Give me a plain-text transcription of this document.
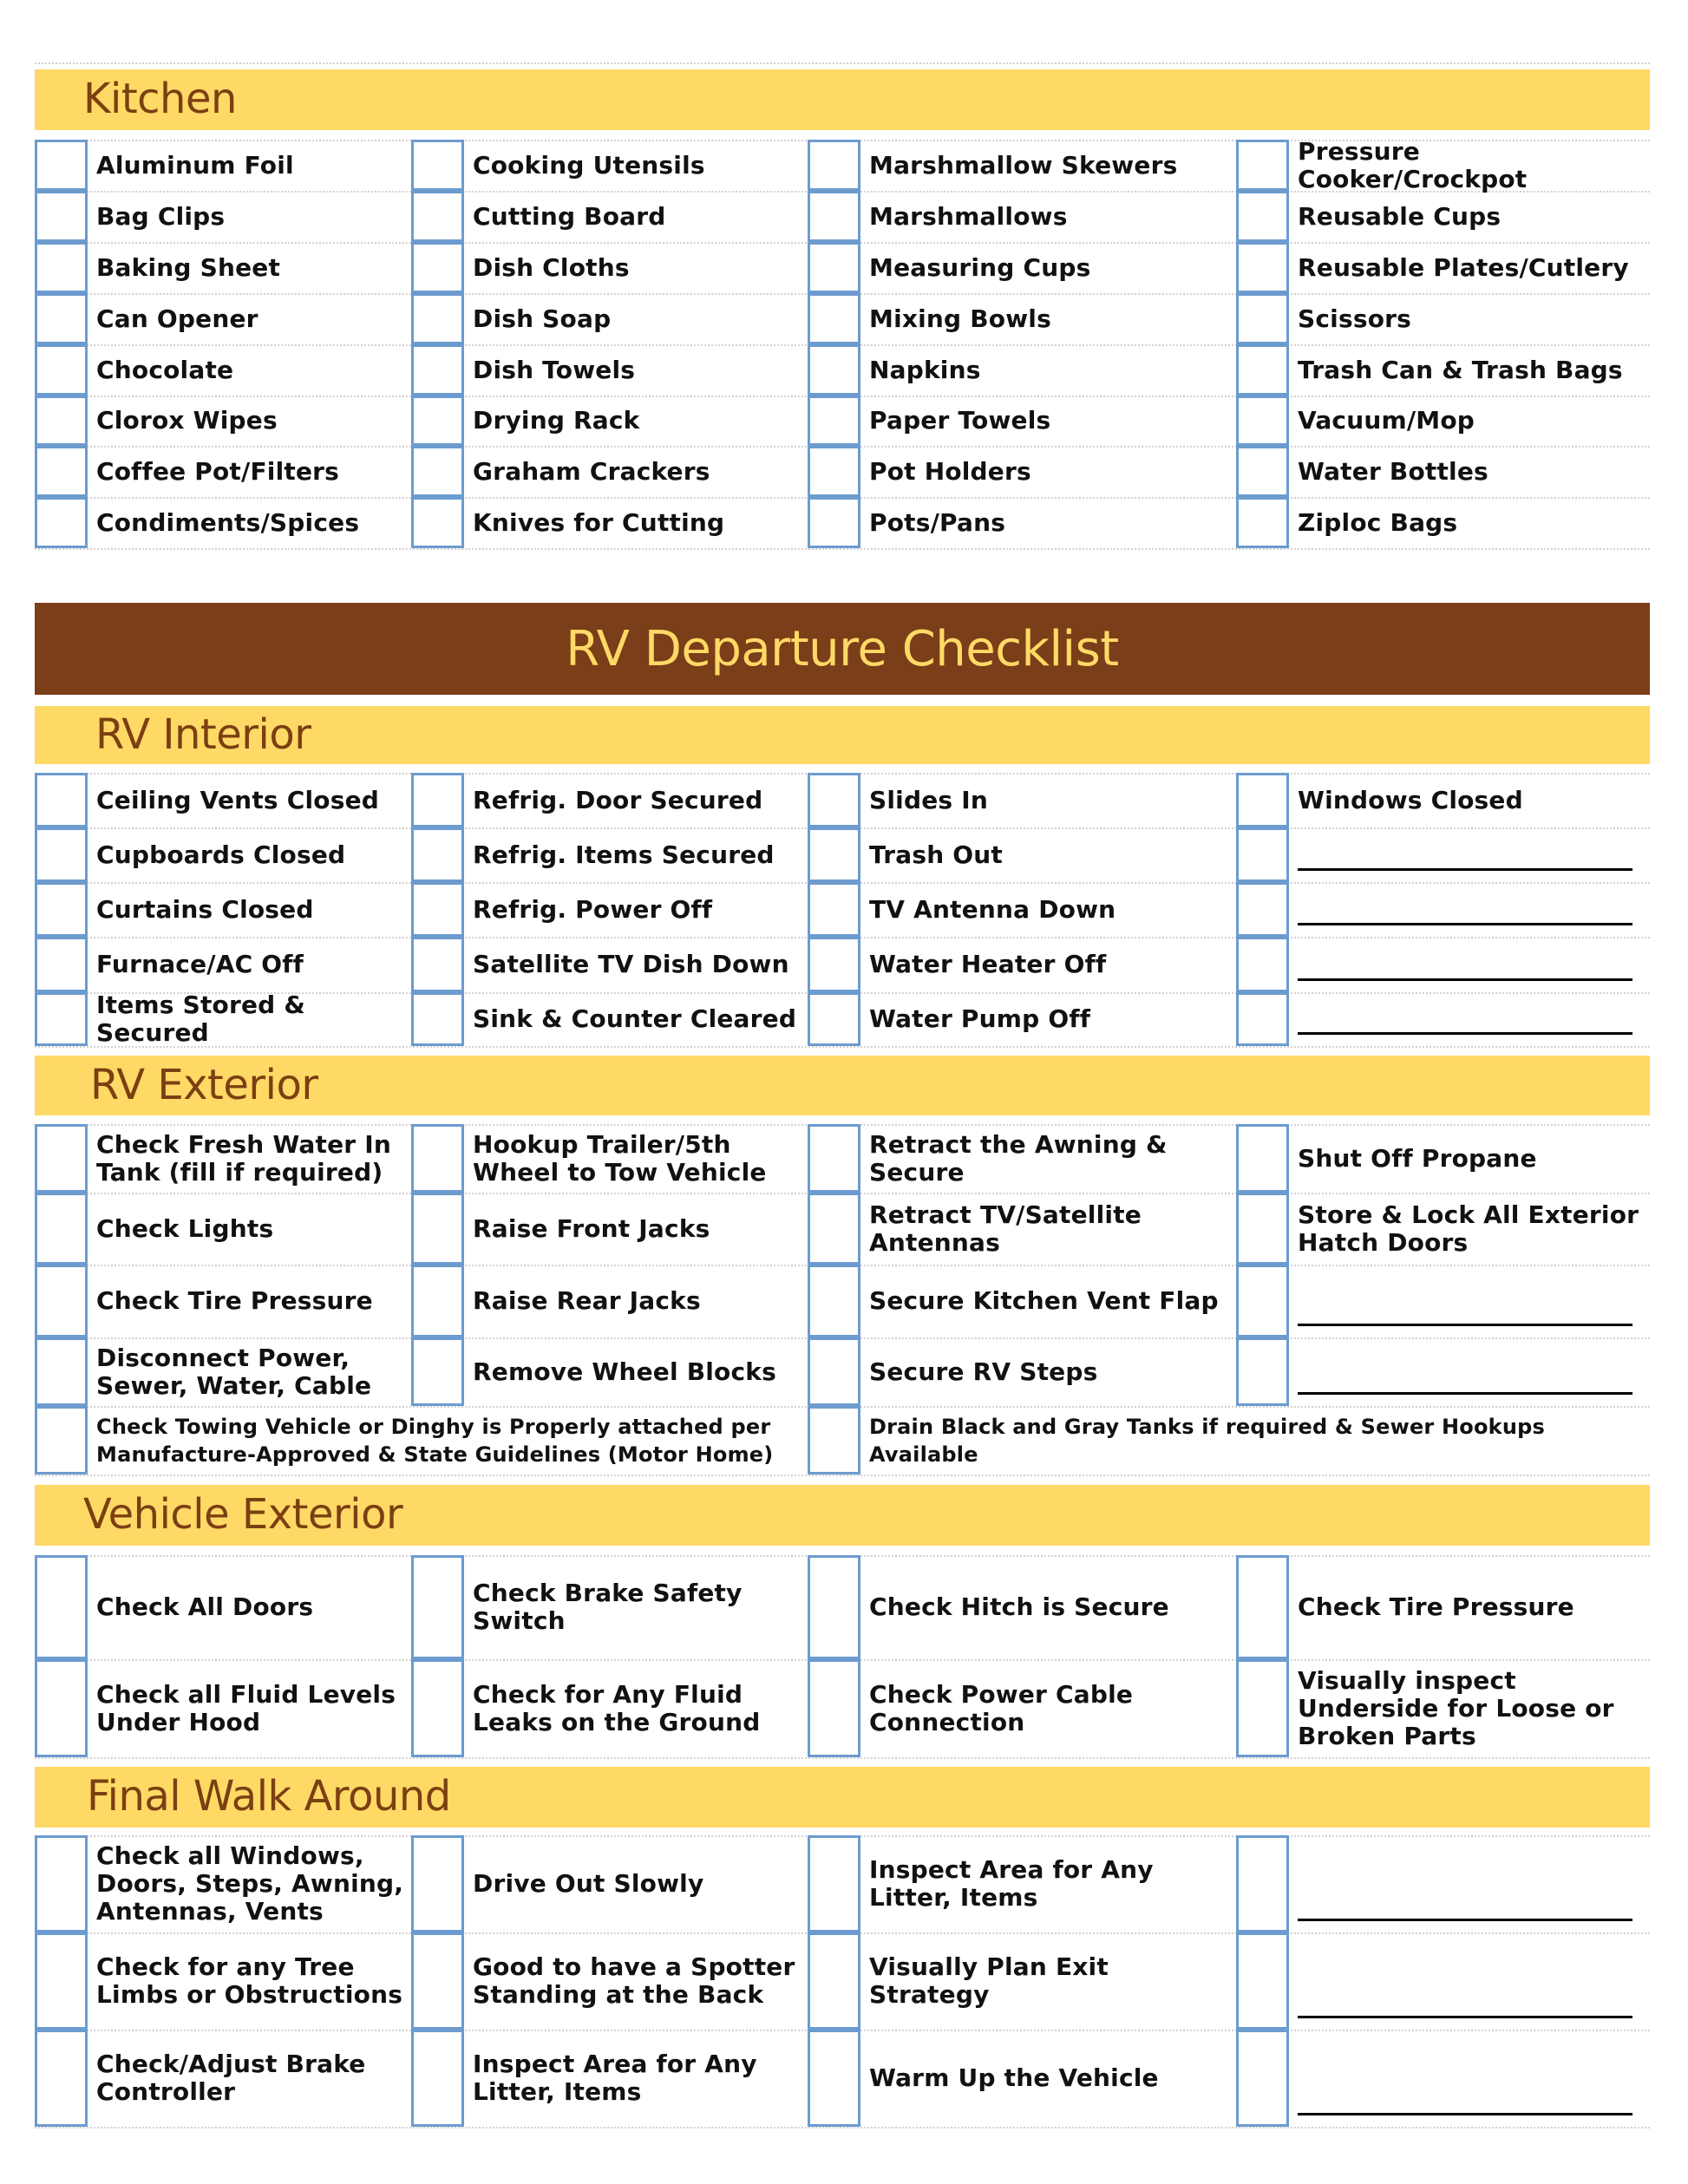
Kitchen
RV Departure Checklist
RV Interior
RV Exterior
Vehicle Exterior
Final Walk Around
Aluminum Foil
Bag Clips
Baking Sheet
Can Opener
Chocolate
Clorox Wipes
Coffee Pot/Filters
Condiments/Spices
Cooking Utensils
Cutting Board
Dish Cloths
Dish Soap
Dish Towels
Drying Rack
Graham Crackers
Knives for Cutting
Marshmallow Skewers
Marshmallows
Measuring Cups
Mixing Bowls
Napkins
Paper Towels
Pot Holders
Pots/Pans
Pressure Cooker/Crockpot
Reusable Cups
Reusable Plates/Cutlery
Scissors
Trash Can & Trash Bags
Vacuum/Mop
Water Bottles
Ziploc Bags
Ceiling Vents Closed
Cupboards Closed
Curtains Closed
Furnace/AC Off
Items Stored & Secured
Refrig. Door Secured
Refrig. Items Secured
Refrig. Power Off
Satellite TV Dish Down
Sink & Counter Cleared
Slides In
Trash Out
TV Antenna Down
Water Heater Off
Water Pump Off
Windows Closed
Check Fresh Water In Tank (fill if required)
Check Lights
Check Tire Pressure
Disconnect Power, Sewer, Water, Cable
Hookup Trailer/5th Wheel to Tow Vehicle
Raise Front Jacks
Raise Rear Jacks
Remove Wheel Blocks
Retract the Awning & Secure
Retract TV/Satellite Antennas
Secure Kitchen Vent Flap
Secure RV Steps
Shut Off Propane
Store & Lock All Exterior Hatch Doors
Check Towing Vehicle or Dinghy is Properly attached per Manufacture-Approved & State Guidelines (Motor Home)
Drain Black and Gray Tanks if required & Sewer Hookups Available
Check All Doors
Check all Fluid Levels Under Hood
Check Brake Safety Switch
Check for Any Fluid Leaks on the Ground
Check Hitch is Secure
Check Power Cable Connection
Check Tire Pressure
Visually inspect Underside for Loose or Broken Parts
Check all Windows, Doors, Steps, Awning, Antennas, Vents
Check for any Tree Limbs or Obstructions
Check/Adjust Brake Controller
Drive Out Slowly
Good to have a Spotter Standing at the Back
Inspect Area for Any Litter, Items
Inspect Area for Any Litter, Items
Visually Plan Exit Strategy
Warm Up the Vehicle
